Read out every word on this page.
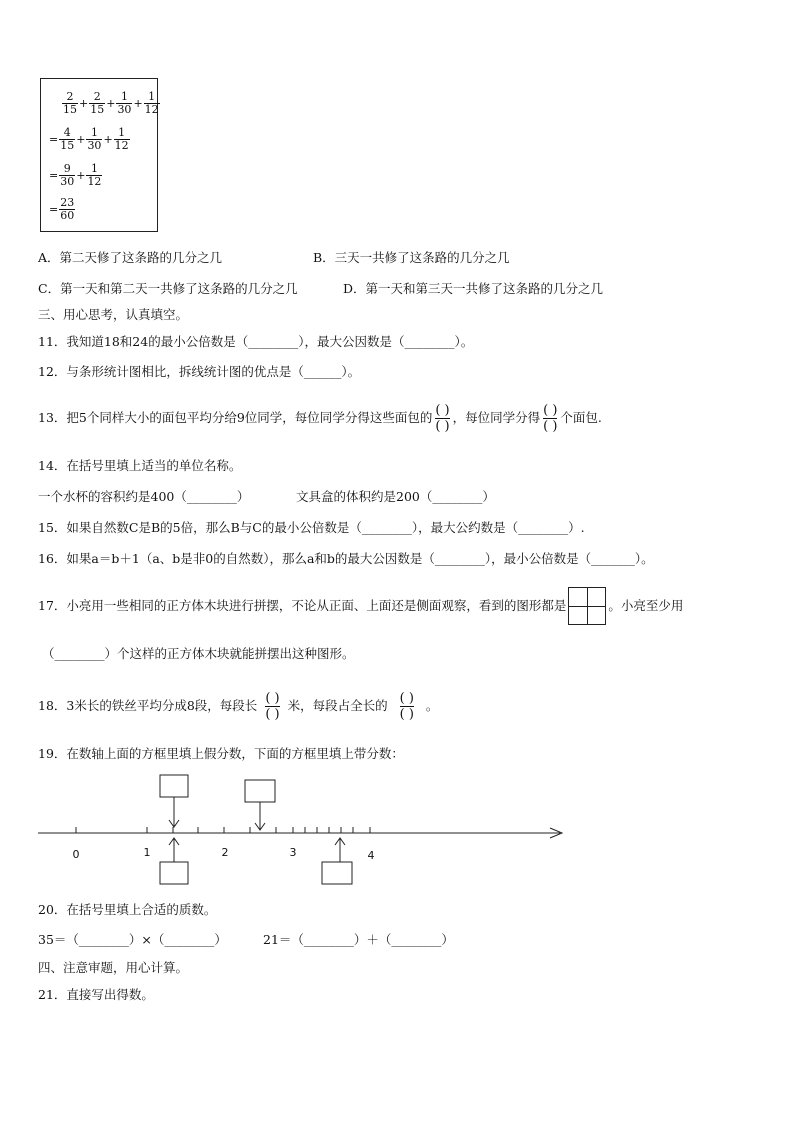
$\frac{2}{15} + \frac{2}{15} + \frac{1}{30} + \frac{1}{12}$
= $\frac{4}{15} + \frac{1}{30} + \frac{1}{12}$
= $\frac{9}{30} + \frac{1}{12}$
= $\frac{23}{60}$
A．第二天修了这条路的几分之几	B．三天一共修了这条路的几分之几
C．第一天和第二天一共修了这条路的几分之几	D．第一天和第三天一共修了这条路的几分之几
三、用心思考，认真填空。
11．我知道18和24的最小公倍数是（________），最大公因数是（________）。
12．与条形统计图相比，拆线统计图的优点是（______）。
13．把5个同样大小的面包平均分给9位同学，每位同学分得这些面包的 ( )
( )
，每位同学分得 ( )
( )
个面包.
14．在括号里填上适当的单位名称。
一个水杯的容积约是400（________）	文具盒的体积约是200（________）
15．如果自然数C是B的5倍，那么B与C的最小公倍数是（________），最大公约数是（________）.
16．如果a＝b＋1（a、b是非0的自然数），那么a和b的最大公因数是（________），最小公倍数是（_______）。
17．小亮用一些相同的正方体木块进行拼摆，不论从正面、上面还是侧面观察，看到的图形都是	。小亮至少用
（________）个这样的正方体木块就能拼摆出这种图形。
18．3米长的铁丝平均分成8段，每段长 ( )
( )
米，每段占全长的 ( )
( )
。
19．在数轴上面的方框里填上假分数，下面的方框里填上带分数：
0	1	2	3	4
20．在括号里填上合适的质数。
35＝（________）×（________）	21＝（________）＋（________）
四、注意审题，用心计算。
21．直接写出得数。
